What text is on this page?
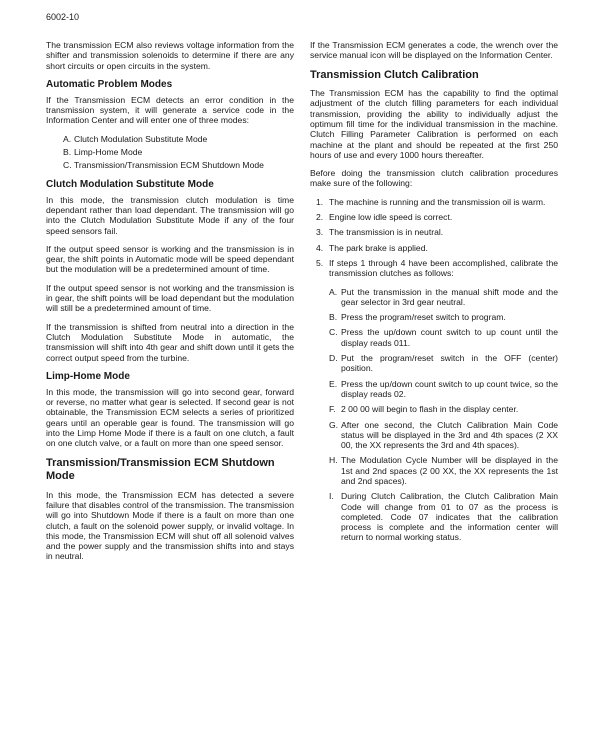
6002-10

The transmission ECM also reviews voltage information from the shifter and transmission solenoids to determine if there are any short circuits or open circuits in the system.

Automatic Problem Modes

If the Transmission ECM detects an error condition in the transmission system, it will generate a service code in the Information Center and will enter one of three modes:

A. Clutch Modulation Substitute Mode
B. Limp-Home Mode
C. Transmission/Transmission ECM Shutdown Mode
Clutch Modulation Substitute Mode

In this mode, the transmission clutch modulation is time dependant rather than load dependant. The transmission will go into the Clutch Modulation Substitute Mode if any of the four speed sensors fail.

If the output speed sensor is working and the transmission is in gear, the shift points in Automatic mode will be speed dependant but the modulation will be a predetermined amount of time.

If the output speed sensor is not working and the transmission is in gear, the shift points will be load dependant but the modulation will still be a predetermined amount of time.

If the transmission is shifted from neutral into a direction in the Clutch Modulation Substitute Mode in automatic, the transmission will shift into 4th gear and shift down until it gets the correct output speed from the turbine.

Limp-Home Mode

In this mode, the transmission will go into second gear, forward or reverse, no matter what gear is selected. If second gear is not obtainable, the Transmission ECM selects a series of prioritized gears until an operable gear is found. The transmission will go into the Limp Home Mode if there is a fault on one clutch, a fault on one clutch valve, or a fault on more than one speed sensor.

Transmission/Transmission ECM Shutdown Mode

In this mode, the Transmission ECM has detected a severe failure that disables control of the transmission. The transmission will go into Shutdown Mode if there is a fault on more than one clutch, a fault on the solenoid power supply, or invalid voltage. In this mode, the Transmission ECM will shut off all solenoid valves and the power supply and the transmission shifts into and stays in neutral.

If the Transmission ECM generates a code, the wrench over the service manual icon will be displayed on the Information Center.

Transmission Clutch Calibration

The Transmission ECM has the capability to find the optimal adjustment of the clutch filling parameters for each individual transmission, providing the ability to individually adjust the optimum fill time for the individual transmission in the machine. Clutch Filling Parameter Calibration is performed on each machine at the plant and should be repeated at the first 250 hours of use and every 1000 hours thereafter.

Before doing the transmission clutch calibration procedures make sure of the following:

1. The machine is running and the transmission oil is warm.
2. Engine low idle speed is correct.
3. The transmission is in neutral.
4. The park brake is applied.
5. If steps 1 through 4 have been accomplished, calibrate the transmission clutches as follows:
A. Put the transmission in the manual shift mode and the gear selector in 3rd gear neutral.
B. Press the program/reset switch to program.
C. Press the up/down count switch to up count until the display reads 011.
D. Put the program/reset switch in the OFF (center) position.
E. Press the up/down count switch to up count twice, so the display reads 02.
F. 2 00 00 will begin to flash in the display center.
G. After one second, the Clutch Calibration Main Code status will be displayed in the 3rd and 4th spaces (2 XX 00, the XX represents the 3rd and 4th spaces).
H. The Modulation Cycle Number will be displayed in the 1st and 2nd spaces (2 00 XX, the XX represents the 1st and 2nd spaces).
I. During Clutch Calibration, the Clutch Calibration Main Code will change from 01 to 07 as the process is completed. Code 07 indicates that the calibration process is complete and the information center will return to normal working status.
